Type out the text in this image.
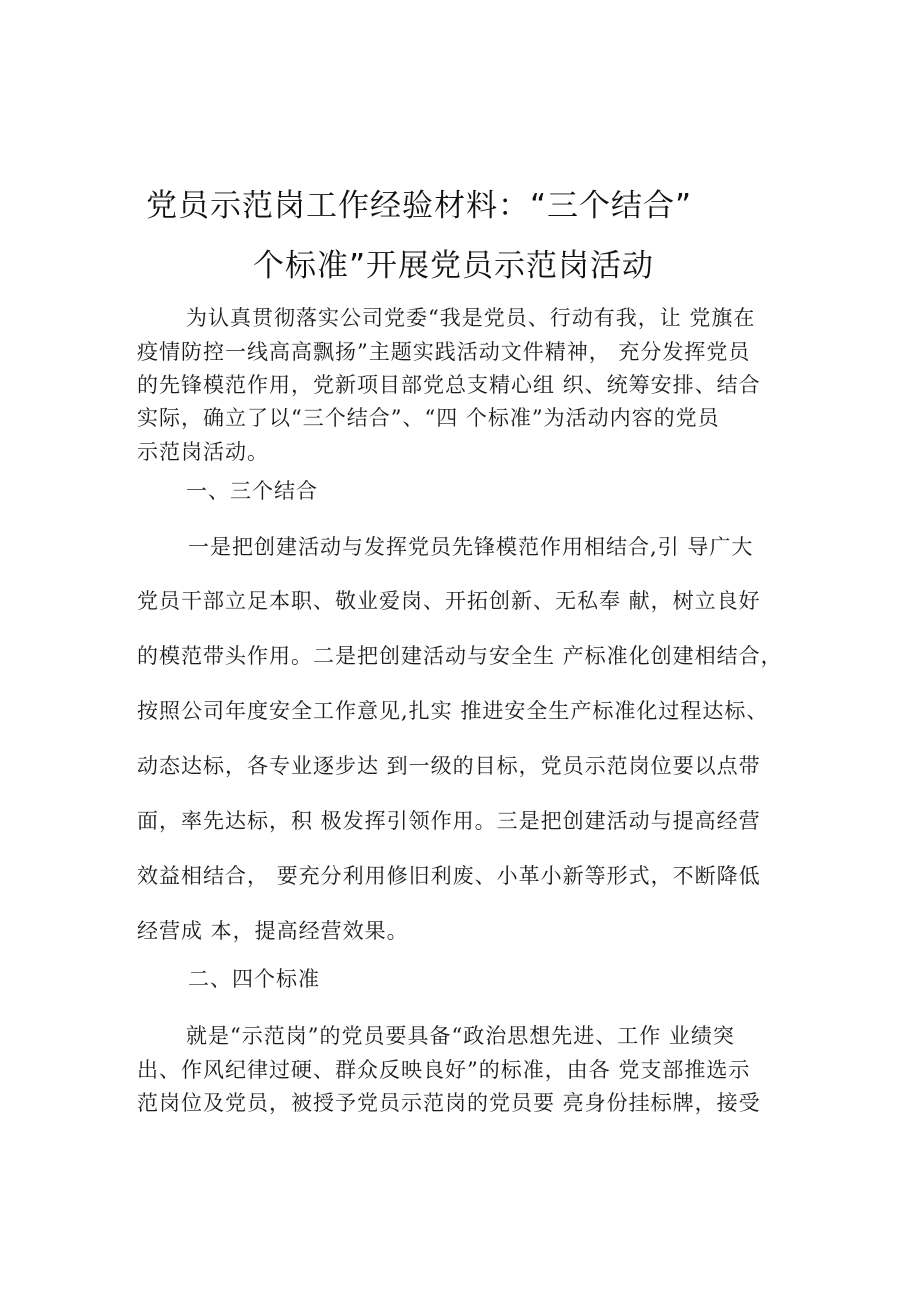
党员示范岗工作经验材料：“三个结合”
个标准”开展党员示范岗活动
为认真贯彻落实公司党委“我是党员、行动有我，让 党旗在
疫情防控一线高高飘扬”主题实践活动文件精神， 充分发挥党员
的先锋模范作用，党新项目部党总支精心组 织、统筹安排、结合
实际，确立了以“三个结合”、“四 个标准”为活动内容的党员
示范岗活动。
一、三个结合
一是把创建活动与发挥党员先锋模范作用相结合,引 导广大
党员干部立足本职、敬业爱岗、开拓创新、无私奉 献，树立良好
的模范带头作用。二是把创建活动与安全生 产标准化创建相结合，
按照公司年度安全工作意见,扎实 推进安全生产标准化过程达标、
动态达标，各专业逐步达 到一级的目标，党员示范岗位要以点带
面，率先达标，积 极发挥引领作用。三是把创建活动与提高经营
效益相结合， 要充分利用修旧利废、小革小新等形式，不断降低
经营成 本，提高经营效果。
二、四个标准
就是“示范岗”的党员要具备“政治思想先进、工作 业绩突
出、作风纪律过硬、群众反映良好”的标准，由各 党支部推选示
范岗位及党员，被授予党员示范岗的党员要 亮身份挂标牌，接受
